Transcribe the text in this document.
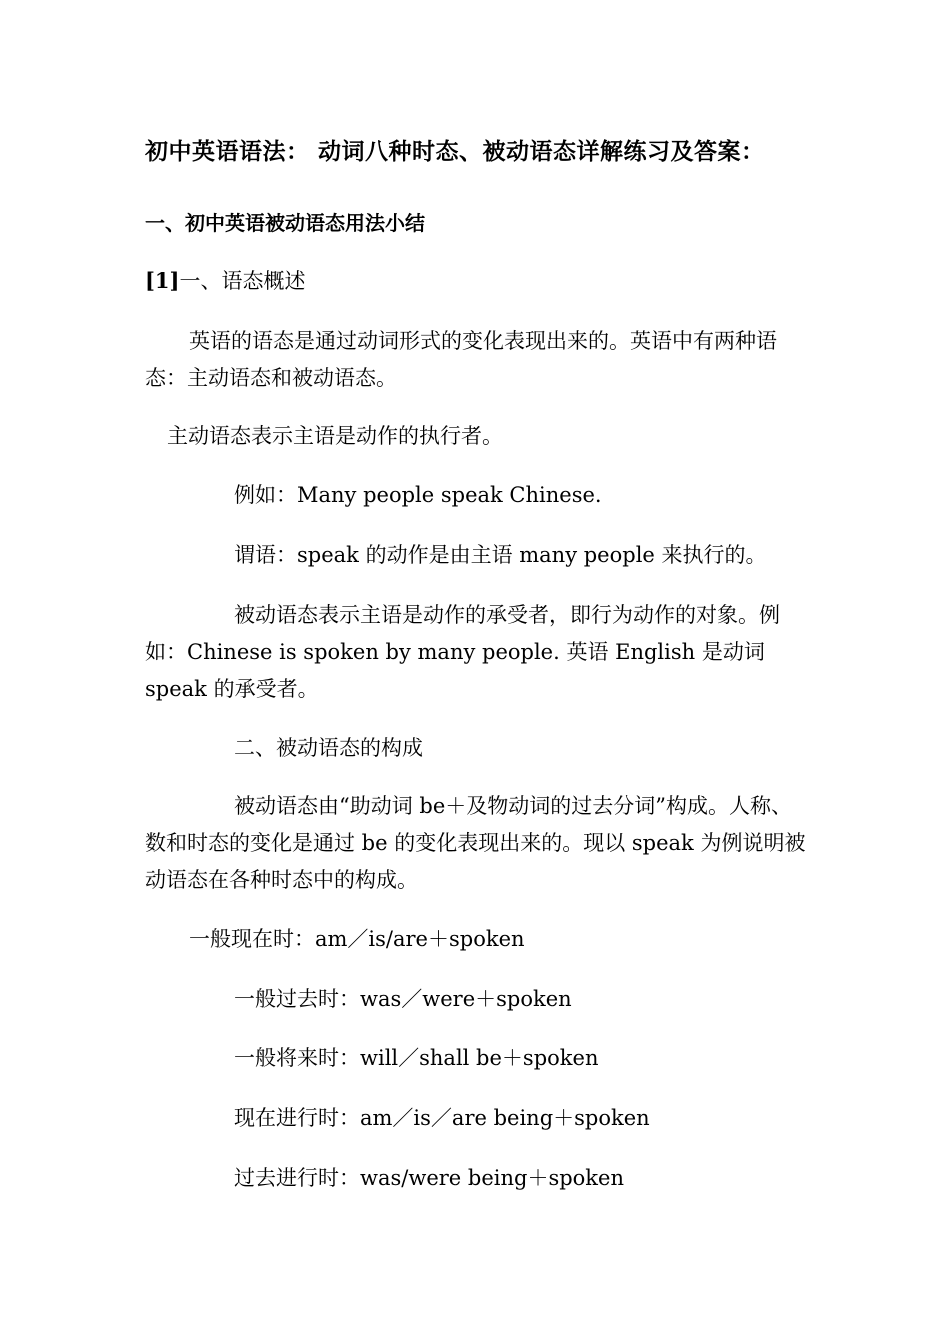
初中英语语法： 动词八种时态、被动语态详解练习及答案：
一、初中英语被动语态用法小结
[1]一、语态概述
英语的语态是通过动词形式的变化表现出来的。英语中有两种语态：主动语态和被动语态。
主动语态表示主语是动作的执行者。
例如：Many people speak Chinese.
谓语：speak 的动作是由主语 many people 来执行的。
被动语态表示主语是动作的承受者，即行为动作的对象。例如：Chinese is spoken by many people. 英语 English 是动词 speak 的承受者。
二、被动语态的构成
被动语态由“助动词 be＋及物动词的过去分词”构成。人称、数和时态的变化是通过 be 的变化表现出来的。现以 speak 为例说明被动语态在各种时态中的构成。
一般现在时：am／is/are＋spoken
一般过去时：was／were＋spoken
一般将来时：will／shall be＋spoken
现在进行时：am／is／are being＋spoken
过去进行时：was/were being＋spoken
